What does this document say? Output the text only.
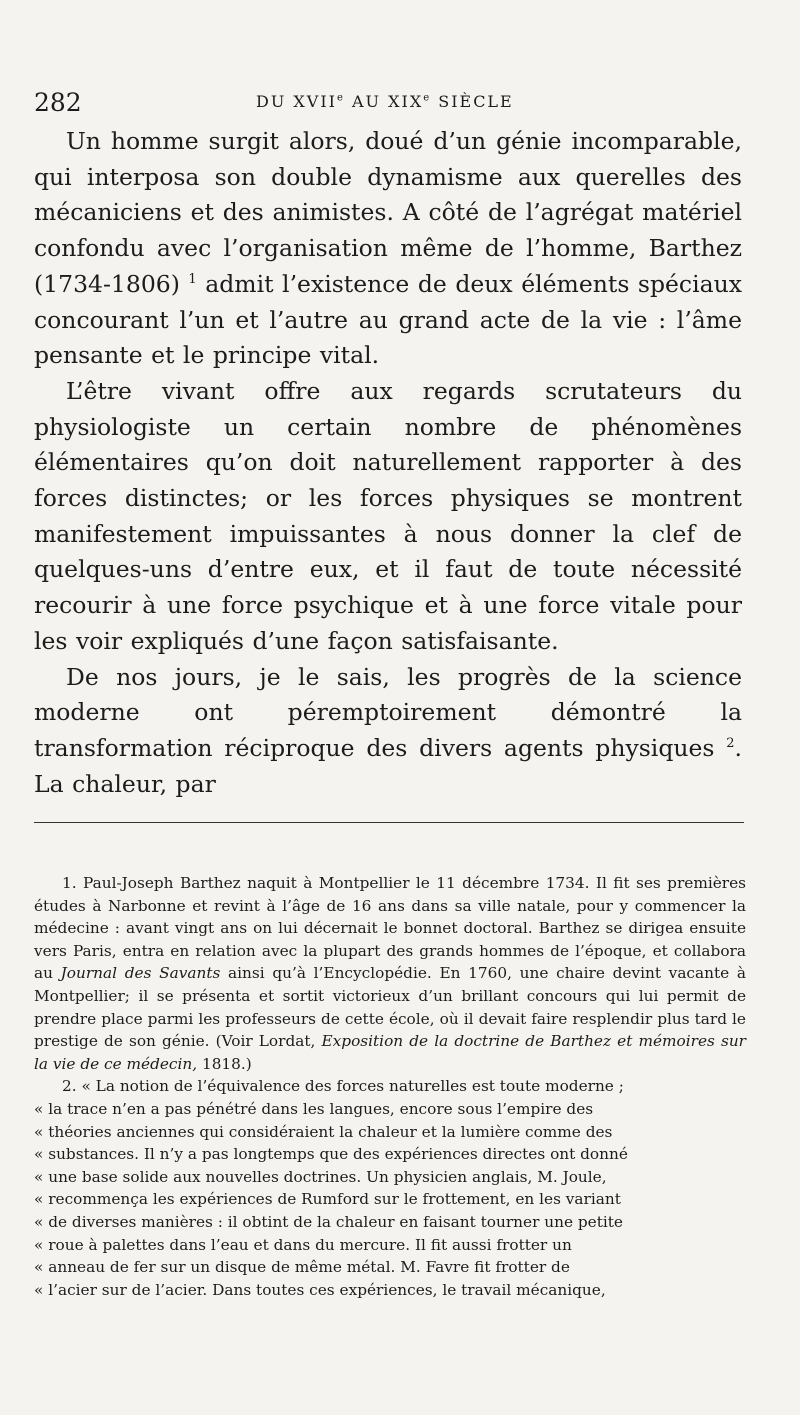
282	DU XVIIe AU XIXe SIÈCLE

Un homme surgit alors, doué d’un génie incomparable, qui interposa son double dynamisme aux querelles des mécaniciens et des animistes. A côté de l’agrégat matériel confondu avec l’organisation même de l’homme, Barthez (1734-1806) $^1$ admit l’existence de deux éléments spéciaux concourant l’un et l’autre au grand acte de la vie : l’âme pensante et le principe vital.

L’être vivant offre aux regards scrutateurs du physiologiste un certain nombre de phénomènes élémentaires qu’on doit naturellement rapporter à des forces distinctes; or les forces physiques se montrent manifestement impuissantes à nous donner la clef de quelques-uns d’entre eux, et il faut de toute nécessité recourir à une force psychique et à une force vitale pour les voir expliqués d’une façon satisfaisante.

De nos jours, je le sais, les progrès de la science moderne ont péremptoirement démontré la transformation réciproque des divers agents physiques $^2$. La chaleur, par

1. Paul-Joseph Barthez naquit à Montpellier le 11 décembre 1734. Il fit ses premières études à Narbonne et revint à l’âge de 16 ans dans sa ville natale, pour y commencer la médecine : avant vingt ans on lui décernait le bonnet doctoral. Barthez se dirigea ensuite vers Paris, entra en relation avec la plupart des grands hommes de l’époque, et collabora au Journal des Savants ainsi qu’à l’Encyclopédie. En 1760, une chaire devint vacante à Montpellier; il se présenta et sortit victorieux d’un brillant concours qui lui permit de prendre place parmi les professeurs de cette école, où il devait faire resplendir plus tard le prestige de son génie. (Voir Lordat, Exposition de la doctrine de Barthez et mémoires sur la vie de ce médecin, 1818.)

2. « La notion de l’équivalence des forces naturelles est toute moderne ;
« la trace n’en a pas pénétré dans les langues, encore sous l’empire des
« théories anciennes qui considéraient la chaleur et la lumière comme des
« substances. Il n’y a pas longtemps que des expériences directes ont donné
« une base solide aux nouvelles doctrines. Un physicien anglais, M. Joule,
« recommença les expériences de Rumford sur le frottement, en les variant
« de diverses manières : il obtint de la chaleur en faisant tourner une petite
« roue à palettes dans l’eau et dans du mercure. Il fit aussi frotter un
« anneau de fer sur un disque de même métal. M. Favre fit frotter de
« l’acier sur de l’acier. Dans toutes ces expériences, le travail mécanique,
